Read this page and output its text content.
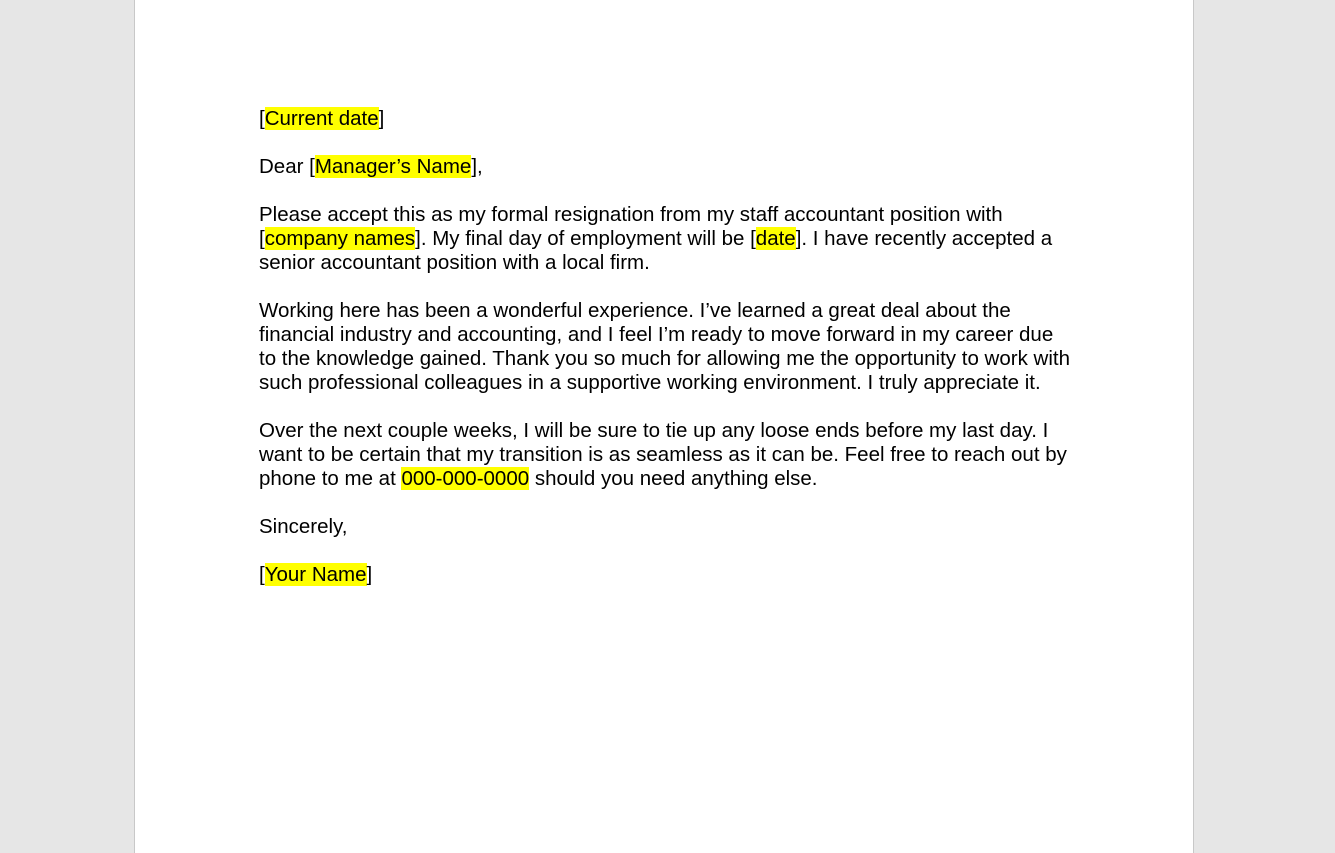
[Current date]

Dear [Manager’s Name],

Please accept this as my formal resignation from my staff accountant position with [company names]. My final day of employment will be [date]. I have recently accepted a senior accountant position with a local firm.

Working here has been a wonderful experience. I’ve learned a great deal about the financial industry and accounting, and I feel I’m ready to move forward in my career due to the knowledge gained. Thank you so much for allowing me the opportunity to work with such professional colleagues in a supportive working environment. I truly appreciate it.

Over the next couple weeks, I will be sure to tie up any loose ends before my last day. I want to be certain that my transition is as seamless as it can be. Feel free to reach out by phone to me at 000-000-0000 should you need anything else.

Sincerely,

[Your Name]
